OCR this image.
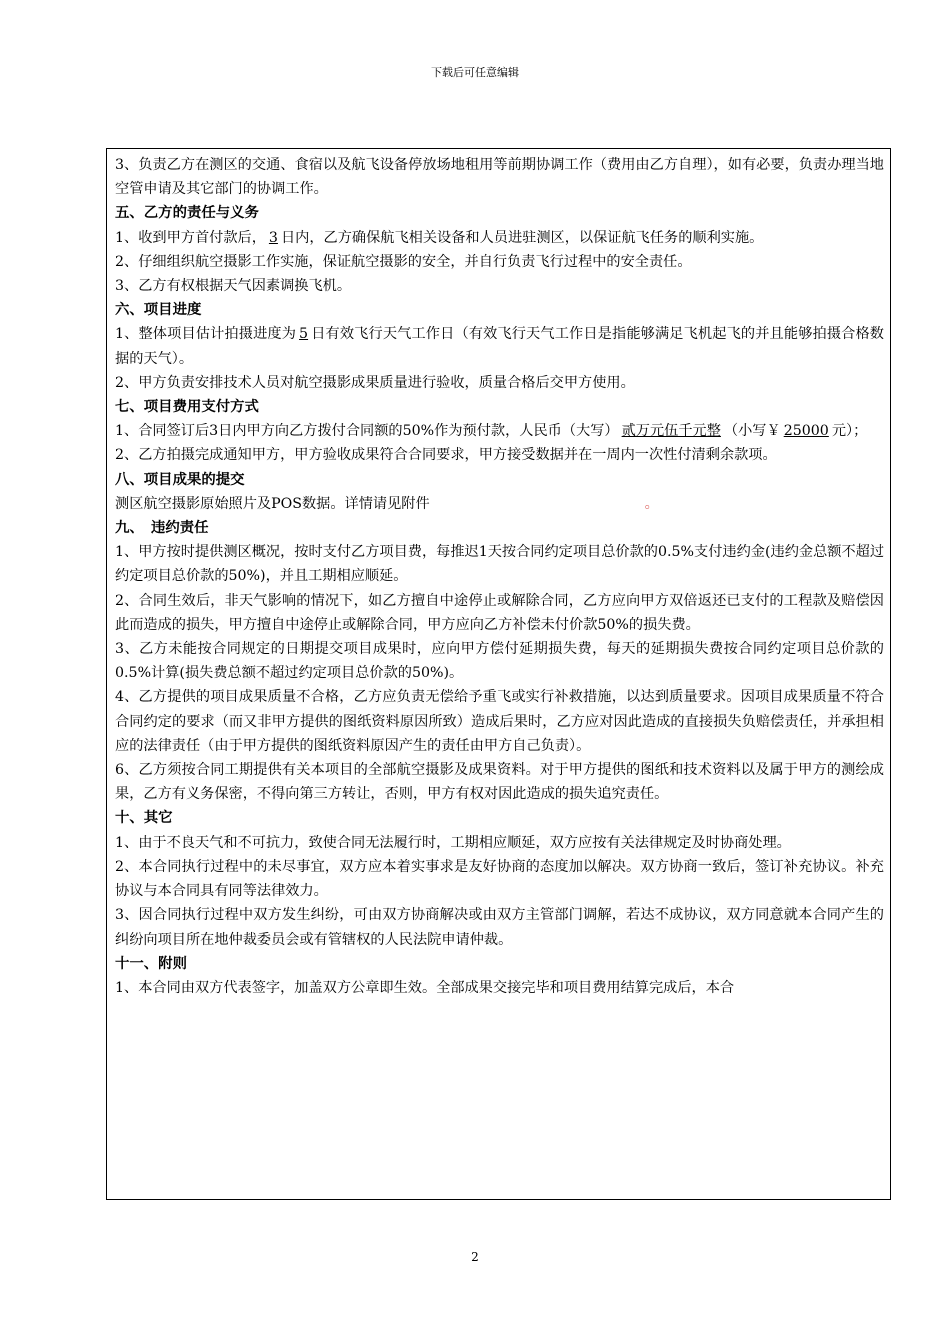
下载后可任意编辑

3、负责乙方在测区的交通、食宿以及航飞设备停放场地租用等前期协调工作（费用由乙方自理），如有必要，负责办理当地空管申请及其它部门的协调工作。

五、乙方的责任与义务

1、收到甲方首付款后， 3 日内，乙方确保航飞相关设备和人员进驻测区，以保证航飞任务的顺利实施。

2、仔细组织航空摄影工作实施，保证航空摄影的安全，并自行负责飞行过程中的安全责任。

3、乙方有权根据天气因素调换飞机。

六、项目进度

1、整体项目估计拍摄进度为 5 日有效飞行天气工作日（有效飞行天气工作日是指能够满足飞机起飞的并且能够拍摄合格数据的天气）。

2、甲方负责安排技术人员对航空摄影成果质量进行验收，质量合格后交甲方使用。

七、项目费用支付方式

1、合同签订后3日内甲方向乙方拨付合同额的50%作为预付款，人民币（大写） 贰万元伍千元整 （小写￥ 25000 元）；

2、乙方拍摄完成通知甲方，甲方验收成果符合合同要求，甲方接受数据并在一周内一次性付清剩余款项。

八、项目成果的提交

测区航空摄影原始照片及POS数据。详情请见附件	。

九、　违约责任

1、甲方按时提供测区概况，按时支付乙方项目费，每推迟1天按合同约定项目总价款的0.5%支付违约金(违约金总额不超过约定项目总价款的50%)，并且工期相应顺延。

2、合同生效后，非天气影响的情况下，如乙方擅自中途停止或解除合同，乙方应向甲方双倍返还已支付的工程款及赔偿因此而造成的损失，甲方擅自中途停止或解除合同，甲方应向乙方补偿未付价款50%的损失费。

3、乙方未能按合同规定的日期提交项目成果时，应向甲方偿付延期损失费，每天的延期损失费按合同约定项目总价款的0.5%计算(损失费总额不超过约定项目总价款的50%)。

4、乙方提供的项目成果质量不合格，乙方应负责无偿给予重飞或实行补救措施，以达到质量要求。因项目成果质量不符合合同约定的要求（而又非甲方提供的图纸资料原因所致）造成后果时，乙方应对因此造成的直接损失负赔偿责任，并承担相应的法律责任（由于甲方提供的图纸资料原因产生的责任由甲方自己负责）。

6、乙方须按合同工期提供有关本项目的全部航空摄影及成果资料。对于甲方提供的图纸和技术资料以及属于甲方的测绘成果，乙方有义务保密，不得向第三方转让，否则，甲方有权对因此造成的损失追究责任。

十、其它

1、由于不良天气和不可抗力，致使合同无法履行时，工期相应顺延，双方应按有关法律规定及时协商处理。

2、本合同执行过程中的未尽事宜，双方应本着实事求是友好协商的态度加以解决。双方协商一致后，签订补充协议。补充协议与本合同具有同等法律效力。

3、因合同执行过程中双方发生纠纷，可由双方协商解决或由双方主管部门调解，若达不成协议，双方同意就本合同产生的纠纷向项目所在地仲裁委员会或有管辖权的人民法院申请仲裁。

十一、附则

1、本合同由双方代表签字，加盖双方公章即生效。全部成果交接完毕和项目费用结算完成后，本合

2
